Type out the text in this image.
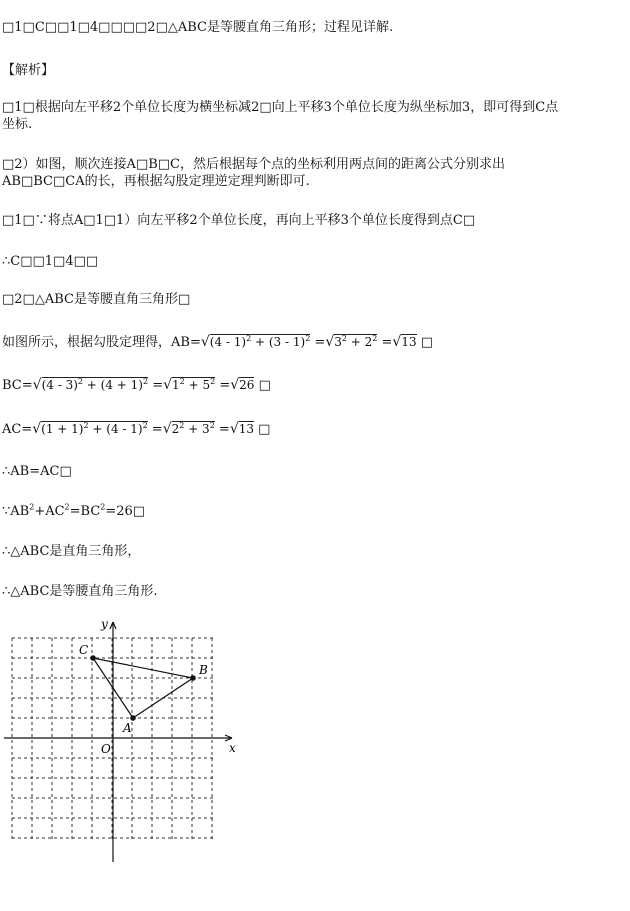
□1□C□□1□4□□□□2□△ABC是等腰直角三角形；过程见详解.
【解析】
□1□根据向左平移2个单位长度为横坐标减2□向上平移3个单位长度为纵坐标加3，即可得到C点
坐标.
□2）如图，顺次连接A□B□C，然后根据每个点的坐标利用两点间的距离公式分别求出
AB□BC□CA的长，再根据勾股定理逆定理判断即可.
□1□∵将点A□1□1）向左平移2个单位长度，再向上平移3个单位长度得到点C□
∴C□□1□4□□
□2□△ABC是等腰直角三角形□
如图所示，根据勾股定理得，$AB=√(4 - 1)^2 + (3 - 1)^2 =√3^2 + 2^2 =√13$ □
$BC=√(4 - 3)^2 + (4 + 1)^2 =√1^2 + 5^2 =√26$ □
$AC=√(1 + 1)^2 + (4 - 1)^2 =√2^2 + 3^2 =√13$ □
∴AB=AC□
$\because AB^2+AC^2=BC^2=26□$
∴△ABC是直角三角形，
∴△ABC是等腰直角三角形.
A
B
C
x
y
O
